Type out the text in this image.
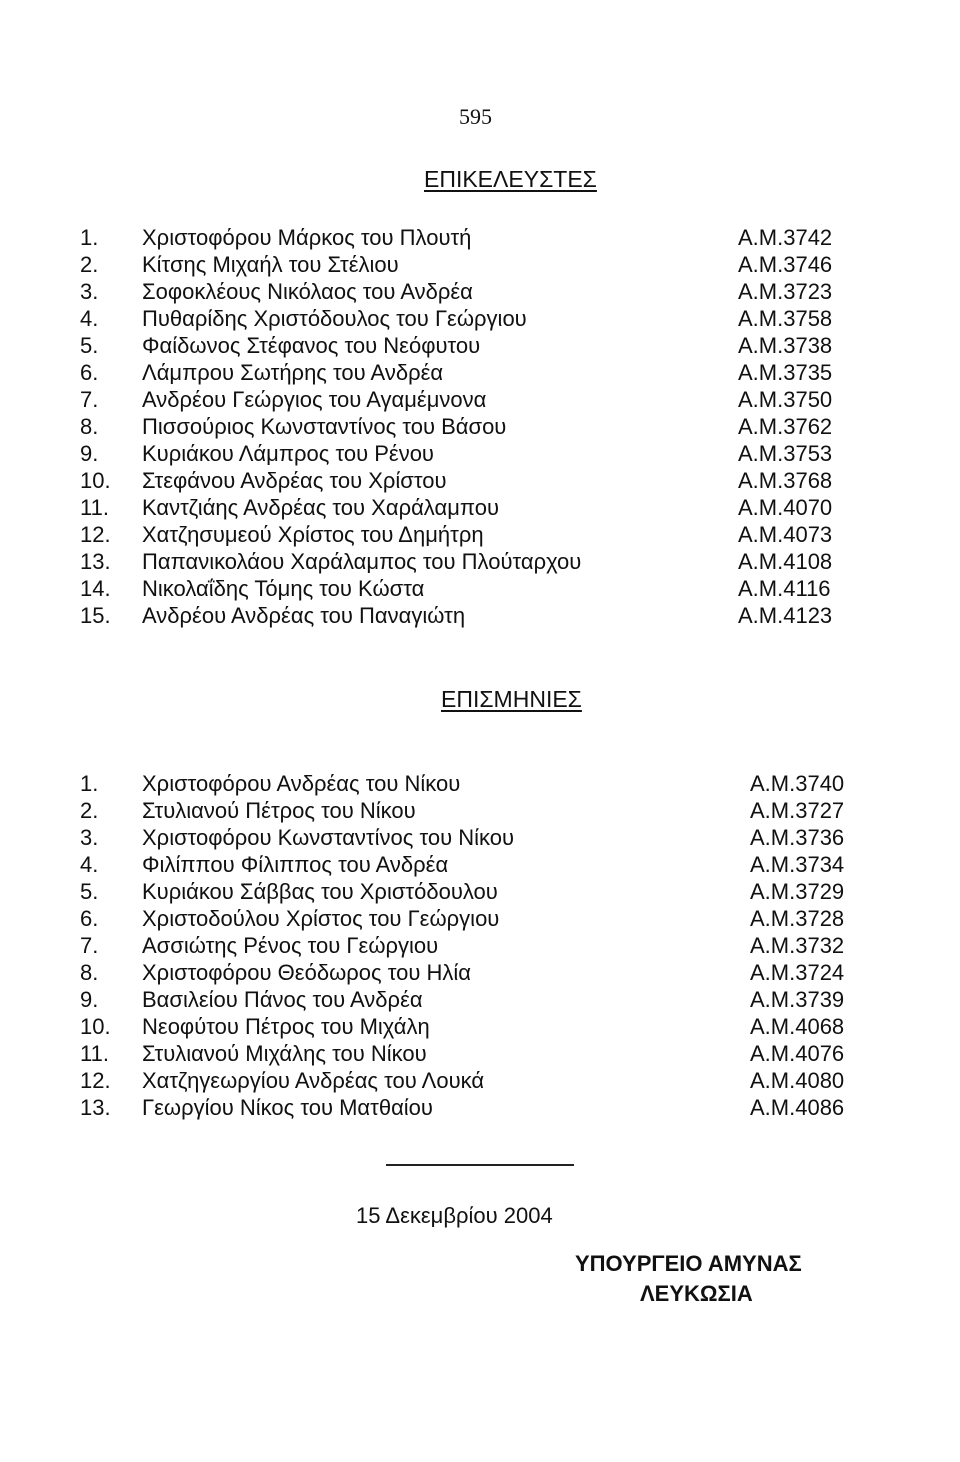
595
ΕΠΙΚΕΛΕΥΣΤΕΣ
1.	Χριστοφόρου Μάρκος του Πλουτή	Α.Μ.3742
2.	Κίτσης Μιχαήλ του Στέλιου	Α.Μ.3746
3.	Σοφοκλέους Νικόλαος του Ανδρέα	Α.Μ.3723
4.	Πυθαρίδης Χριστόδουλος του Γεώργιου	Α.Μ.3758
5.	Φαίδωνος Στέφανος του Νεόφυτου	Α.Μ.3738
6.	Λάμπρου Σωτήρης του Ανδρέα	Α.Μ.3735
7.	Ανδρέου Γεώργιος του Αγαμέμνονα	Α.Μ.3750
8.	Πισσούριος Κωνσταντίνος του Βάσου	Α.Μ.3762
9.	Κυριάκου Λάμπρος του Ρένου	Α.Μ.3753
10.	Στεφάνου Ανδρέας του Χρίστου	Α.Μ.3768
11.	Καντζιάης Ανδρέας του Χαράλαμπου	Α.Μ.4070
12.	Χατζησυμεού Χρίστος του Δημήτρη	Α.Μ.4073
13.	Παπανικολάου Χαράλαμπος του Πλούταρχου	Α.Μ.4108
14.	Νικολαΐδης Τόμης του Κώστα	Α.Μ.4116
15.	Ανδρέου Ανδρέας του Παναγιώτη	Α.Μ.4123
ΕΠΙΣΜΗΝΙΕΣ
1.	Χριστοφόρου Ανδρέας του Νίκου	Α.Μ.3740
2.	Στυλιανού Πέτρος του Νίκου	Α.Μ.3727
3.	Χριστοφόρου Κωνσταντίνος του Νίκου	Α.Μ.3736
4.	Φιλίππου Φίλιππος του Ανδρέα	Α.Μ.3734
5.	Κυριάκου Σάββας του Χριστόδουλου	Α.Μ.3729
6.	Χριστοδούλου Χρίστος του Γεώργιου	Α.Μ.3728
7.	Ασσιώτης Ρένος του Γεώργιου	Α.Μ.3732
8.	Χριστοφόρου Θεόδωρος του Ηλία	Α.Μ.3724
9.	Βασιλείου Πάνος του Ανδρέα	Α.Μ.3739
10.	Νεοφύτου Πέτρος του Μιχάλη	Α.Μ.4068
11.	Στυλιανού Μιχάλης του Νίκου	Α.Μ.4076
12.	Χατζηγεωργίου Ανδρέας του Λουκά	Α.Μ.4080
13.	Γεωργίου Νίκος του Ματθαίου	Α.Μ.4086
15 Δεκεμβρίου 2004
ΥΠΟΥΡΓΕΙΟ ΑΜΥΝΑΣ
ΛΕΥΚΩΣΙΑ
